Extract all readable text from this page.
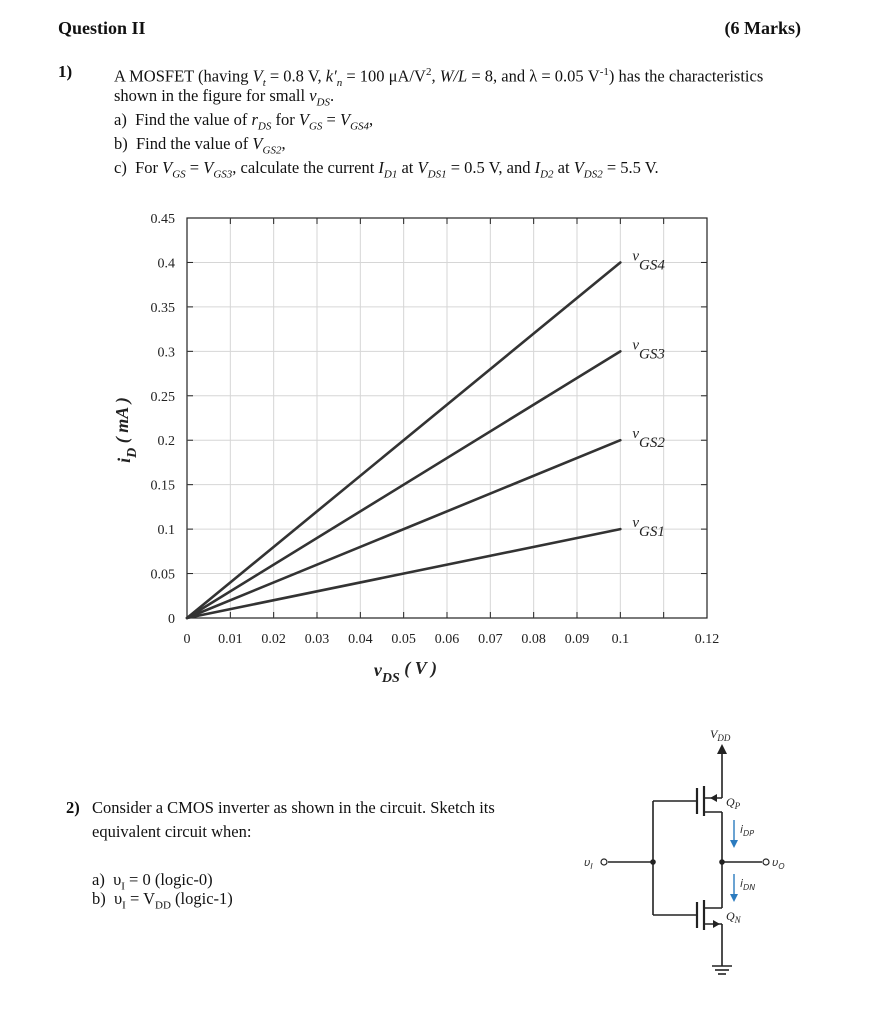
Question II	(6 Marks)
1)	A MOSFET (having $V_t = 0.8$ V, $k'_n = 100$ $\mu A/V^2$, W/L = 8, and λ = 0.05 $V^{-1}$) has the characteristics
shown in the figure for small $v_{DS}$.
a) Find the value of $r_{DS}$ for $V_{GS} = V_{GS4}$,
b) Find the value of $V_{GS2}$,
c) For $V_{GS} = V_{GS3}$, calculate the current $I_{D1}$ at $V_{DS1} = 0.5$ V, and $I_{D2}$ at $V_{DS2} = 5.5$ V.
0 0.01 0.02 0.03 0.04 0.05 0.06 0.07 0.08 0.09 0.1	0.12
0
0.05
0.1
0.15
0.2
0.25
0.3
0.35
0.4
0.45
vGS4
vGS3
vGS2
vGS1
$v_{DS}$ ( V )
$i_D$ ( mA )
2) Consider a CMOS inverter as shown in the circuit. Sketch its
equivalent circuit when:
a) $\upsilon_I = 0$ (logic-0)
b) $\upsilon_I = V_{DD}$ (logic-1)
$V_{DD}$
$Q_P$
$Q_N$
$i_{DP}$
$i_{DN}$
$\upsilon_I$	$\upsilon_O$
